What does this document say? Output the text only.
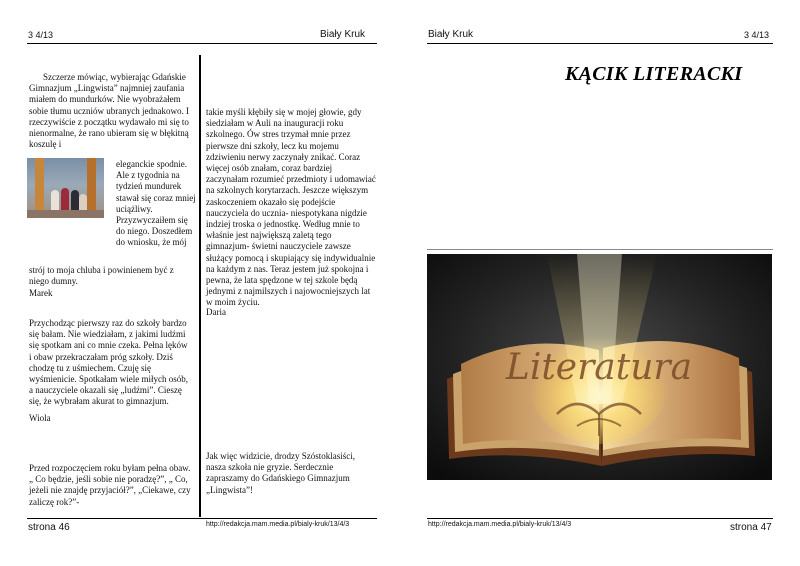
3 4/13	Biały Kruk
Szczerze mówiąc, wybierając Gdańskie Gimnazjum „Lingwista” najmniej zaufania miałem do mundurków. Nie wyobrażałem sobie tłumu uczniów ubranych jednakowo. I rzeczywiście z początku wydawało mi się to nienormalne, że rano ubieram się w błękitną koszulę i
eleganckie spodnie. Ale z tygodnia na tydzień mundurek stawał się coraz mniej uciążliwy. Przyzwyczaiłem się do niego. Doszedłem do wniosku, że mój
strój to moja chluba i powinienem być z niego dumny.
Marek
Przychodząc pierwszy raz do szkoły bardzo się bałam. Nie wiedziałam, z jakimi ludźmi się spotkam ani co mnie czeka. Pełna lęków i obaw przekraczałam próg szkoły. Dziś chodzę tu z uśmiechem. Czuję się wyśmienicie. Spotkałam wiele miłych osób, a nauczyciele okazali się „ludźmi”. Cieszę się, że wybrałam akurat to gimnazjum.
Wiola
Przed rozpoczęciem roku byłam pełna obaw. „ Co będzie, jeśli sobie nie poradzę?”, „ Co, jeżeli nie znajdę przyjaciół?”, „Ciekawe, czy zaliczę rok?”-
takie myśli kłębiły się w mojej głowie, gdy siedziałam w Auli na inauguracji roku szkolnego. Ów stres trzymał mnie przez pierwsze dni szkoły, lecz ku mojemu zdziwieniu nerwy zaczynały znikać. Coraz więcej osób znałam, coraz bardziej zaczynałam rozumieć przedmioty i udomawiać na szkolnych korytarzach. Jeszcze większym zaskoczeniem okazało się podejście nauczyciela do ucznia- niespotykana nigdzie indziej troska o jednostkę. Według mnie to właśnie jest największą zaletą tego gimnazjum- świetni nauczyciele zawsze służący pomocą i skupiający się indywidualnie na każdym z nas. Teraz jestem już spokojna i pewna, że lata spędzone w tej szkole będą jednymi z najmilszych i najowocniejszych lat w moim życiu.
Daria
Jak więc widzicie, drodzy Szóstoklasiści, nasza szkoła nie gryzie. Serdecznie zapraszamy do Gdańskiego Gimnazjum „Lingwista”!
strona 46	http://redakcja.mam.media.pl/bialy-kruk/13/4/3
Biały Kruk	3 4/13
KĄCIK LITERACKI
http://redakcja.mam.media.pl/bialy-kruk/13/4/3	strona 47
Literatura
